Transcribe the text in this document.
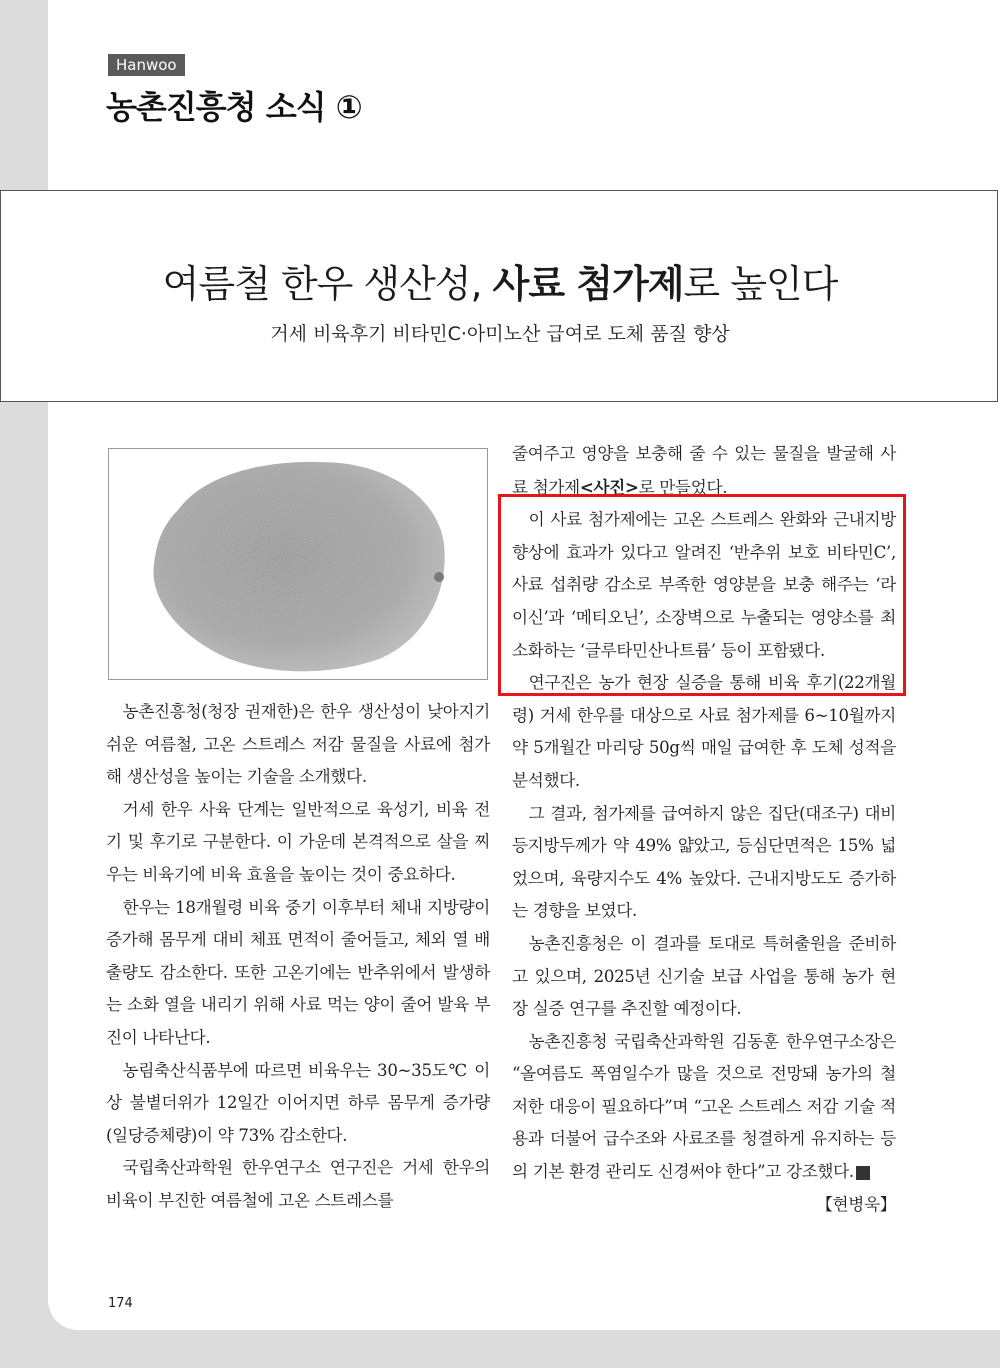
Hanwoo
농촌진흥청 소식 ①
여름철 한우 생산성, 사료 첨가제로 높인다
거세 비육후기 비타민C·아미노산 급여로 도체 품질 향상

농촌진흥청(청장 권재한)은 한우 생산성이 낮아지기 쉬운 여름철, 고온 스트레스 저감 물질을 사료에 첨가해 생산성을 높이는 기술을 소개했다.

거세 한우 사육 단계는 일반적으로 육성기, 비육 전기 및 후기로 구분한다. 이 가운데 본격적으로 살을 찌우는 비육기에 비육 효율을 높이는 것이 중요하다.

한우는 18개월령 비육 중기 이후부터 체내 지방량이 증가해 몸무게 대비 체표 면적이 줄어들고, 체외 열 배출량도 감소한다. 또한 고온기에는 반추위에서 발생하는 소화 열을 내리기 위해 사료 먹는 양이 줄어 발육 부진이 나타난다.

농림축산식품부에 따르면 비육우는 30~35도℃ 이상 불볕더위가 12일간 이어지면 하루 몸무게 증가량(일당증체량)이 약 73% 감소한다.

국립축산과학원 한우연구소 연구진은 거세 한우의 비육이 부진한 여름철에 고온 스트레스를

줄여주고 영양을 보충해 줄 수 있는 물질을 발굴해 사료 첨가제<사진>로 만들었다.

이 사료 첨가제에는 고온 스트레스 완화와 근내지방 향상에 효과가 있다고 알려진 ‘반추위 보호 비타민C’, 사료 섭취량 감소로 부족한 영양분을 보충 해주는 ‘라이신’과 ‘메티오닌’, 소장벽으로 누출되는 영양소를 최소화하는 ‘글루타민산나트륨’ 등이 포함됐다.

연구진은 농가 현장 실증을 통해 비육 후기(22개월령) 거세 한우를 대상으로 사료 첨가제를 6~10월까지 약 5개월간 마리당 50g씩 매일 급여한 후 도체 성적을 분석했다.

그 결과, 첨가제를 급여하지 않은 집단(대조구) 대비 등지방두께가 약 49% 얇았고, 등심단면적은 15% 넓었으며, 육량지수도 4% 높았다. 근내지방도도 증가하는 경향을 보였다.

농촌진흥청은 이 결과를 토대로 특허출원을 준비하고 있으며, 2025년 신기술 보급 사업을 통해 농가 현장 실증 연구를 추진할 예정이다.

농촌진흥청 국립축산과학원 김동훈 한우연구소장은 “올여름도 폭염일수가 많을 것으로 전망돼 농가의 철저한 대응이 필요하다”며 “고온 스트레스 저감 기술 적용과 더불어 급수조와 사료조를 청결하게 유지하는 등의 기본 환경 관리도 신경써야 한다”고 강조했다.
【현병욱】

174
